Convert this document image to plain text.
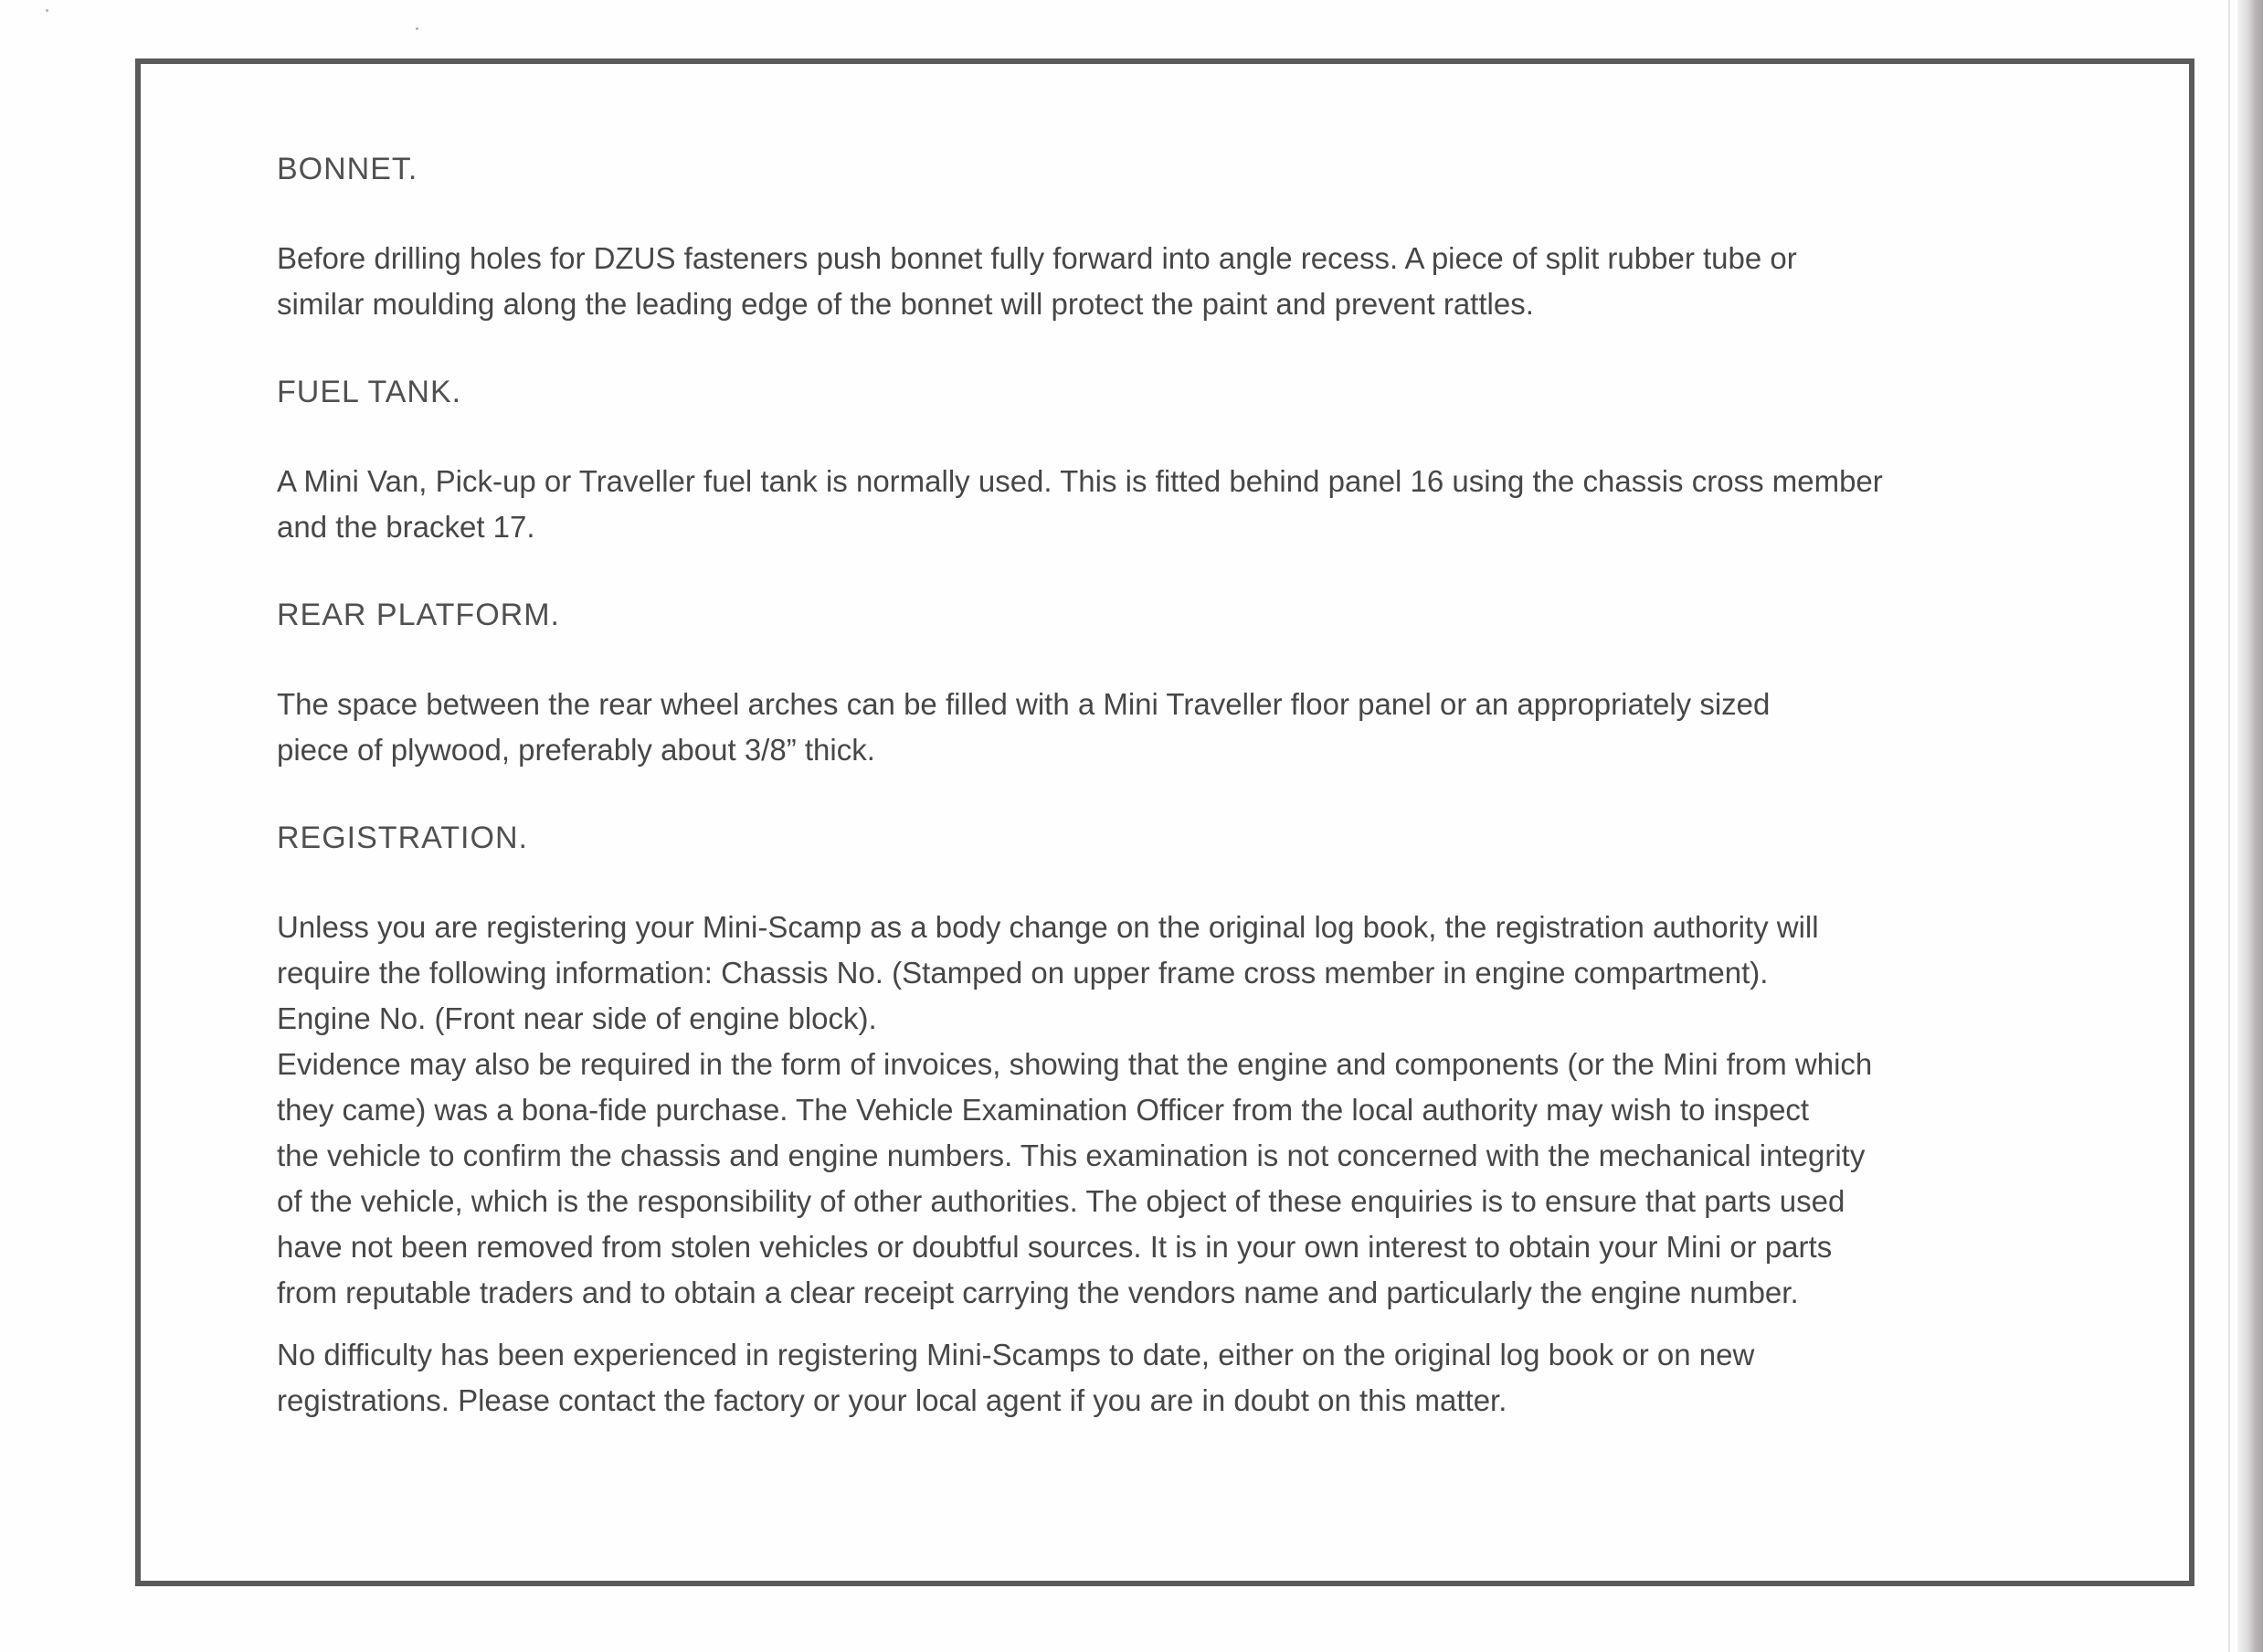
BONNET.

Before drilling holes for DZUS fasteners push bonnet fully forward into angle recess. A piece of split rubber tube or
similar moulding along the leading edge of the bonnet will protect the paint and prevent rattles.

FUEL TANK.

A Mini Van, Pick-up or Traveller fuel tank is normally used. This is fitted behind panel 16 using the chassis cross member
and the bracket 17.

REAR PLATFORM.

The space between the rear wheel arches can be filled with a Mini Traveller floor panel or an appropriately sized
piece of plywood, preferably about 3/8” thick.

REGISTRATION.

Unless you are registering your Mini-Scamp as a body change on the original log book, the registration authority will
require the following information: Chassis No. (Stamped on upper frame cross member in engine compartment).
Engine No. (Front near side of engine block).
Evidence may also be required in the form of invoices, showing that the engine and components (or the Mini from which
they came) was a bona-fide purchase. The Vehicle Examination Officer from the local authority may wish to inspect
the vehicle to confirm the chassis and engine numbers. This examination is not concerned with the mechanical integrity
of the vehicle, which is the responsibility of other authorities. The object of these enquiries is to ensure that parts used
have not been removed from stolen vehicles or doubtful sources. It is in your own interest to obtain your Mini or parts
from reputable traders and to obtain a clear receipt carrying the vendors name and particularly the engine number.

No difficulty has been experienced in registering Mini-Scamps to date, either on the original log book or on new
registrations. Please contact the factory or your local agent if you are in doubt on this matter.
